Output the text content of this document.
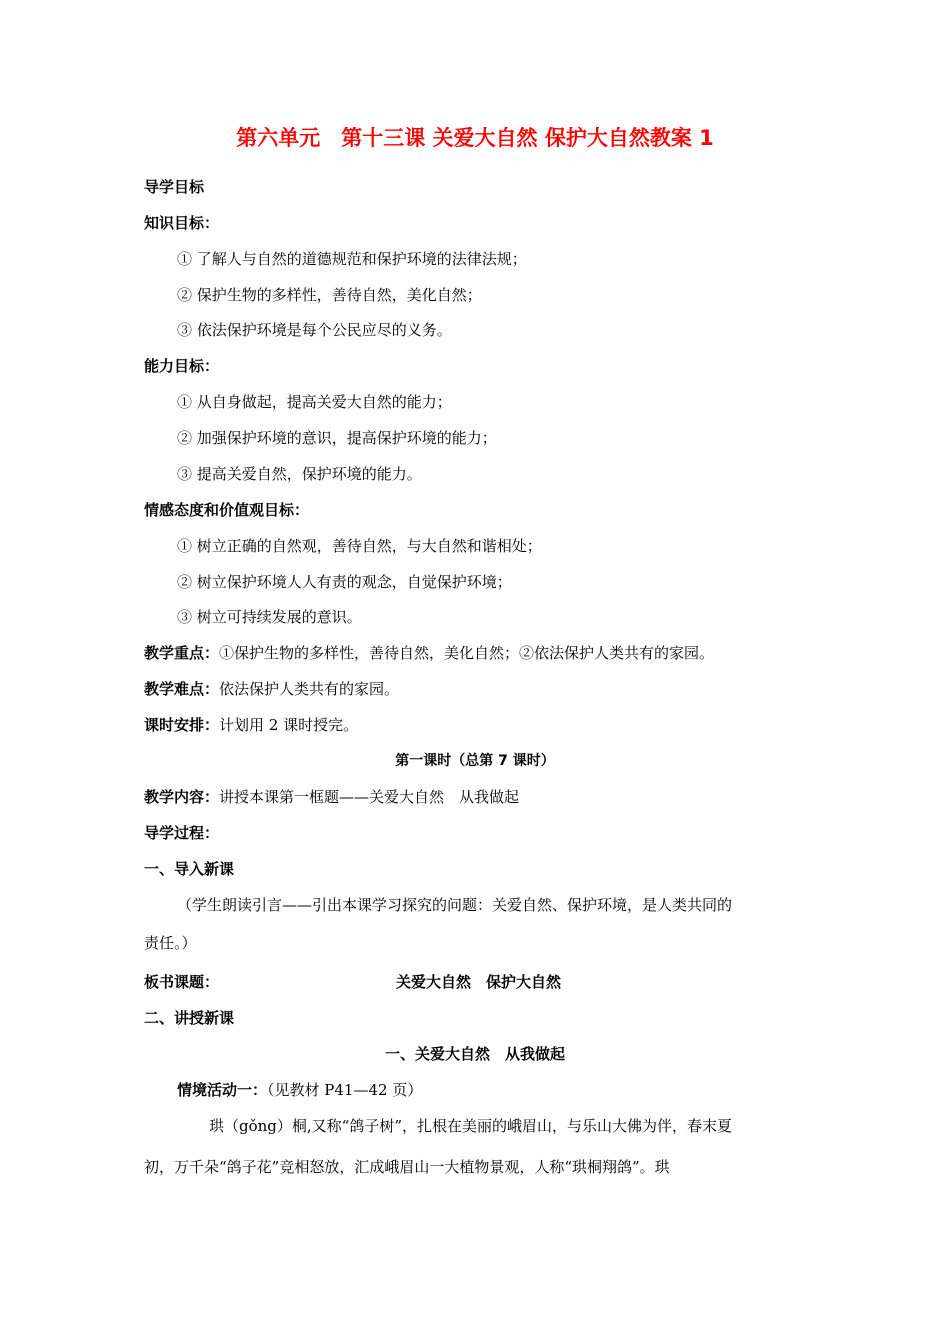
第六单元　第十三课 关爱大自然 保护大自然教案 1
导学目标
知识目标：
① 了解人与自然的道德规范和保护环境的法律法规；
② 保护生物的多样性，善待自然，美化自然；
③ 依法保护环境是每个公民应尽的义务。
能力目标：
① 从自身做起，提高关爱大自然的能力；
② 加强保护环境的意识，提高保护环境的能力；
③ 提高关爱自然，保护环境的能力。
情感态度和价值观目标：
① 树立正确的自然观，善待自然，与大自然和谐相处；
② 树立保护环境人人有责的观念，自觉保护环境；
③ 树立可持续发展的意识。
教学重点：①保护生物的多样性，善待自然，美化自然；②依法保护人类共有的家园。
教学难点：依法保护人类共有的家园。
课时安排：计划用 2 课时授完。
第一课时（总第 7 课时）
教学内容：讲授本课第一框题——关爱大自然　从我做起
导学过程：
一、导入新课
（学生朗读引言——引出本课学习探究的问题：关爱自然、保护环境，是人类共同的
责任。）
板书课题：	关爱大自然　保护大自然
二、讲授新课
一、关爱大自然　从我做起
情境活动一：（见教材 P41—42 页）
珙（gǒng）桐,又称“鸽子树”，扎根在美丽的峨眉山，与乐山大佛为伴，春末夏
初，万千朵“鸽子花”竞相怒放，汇成峨眉山一大植物景观，人称“珙桐翔鸽”。珙
